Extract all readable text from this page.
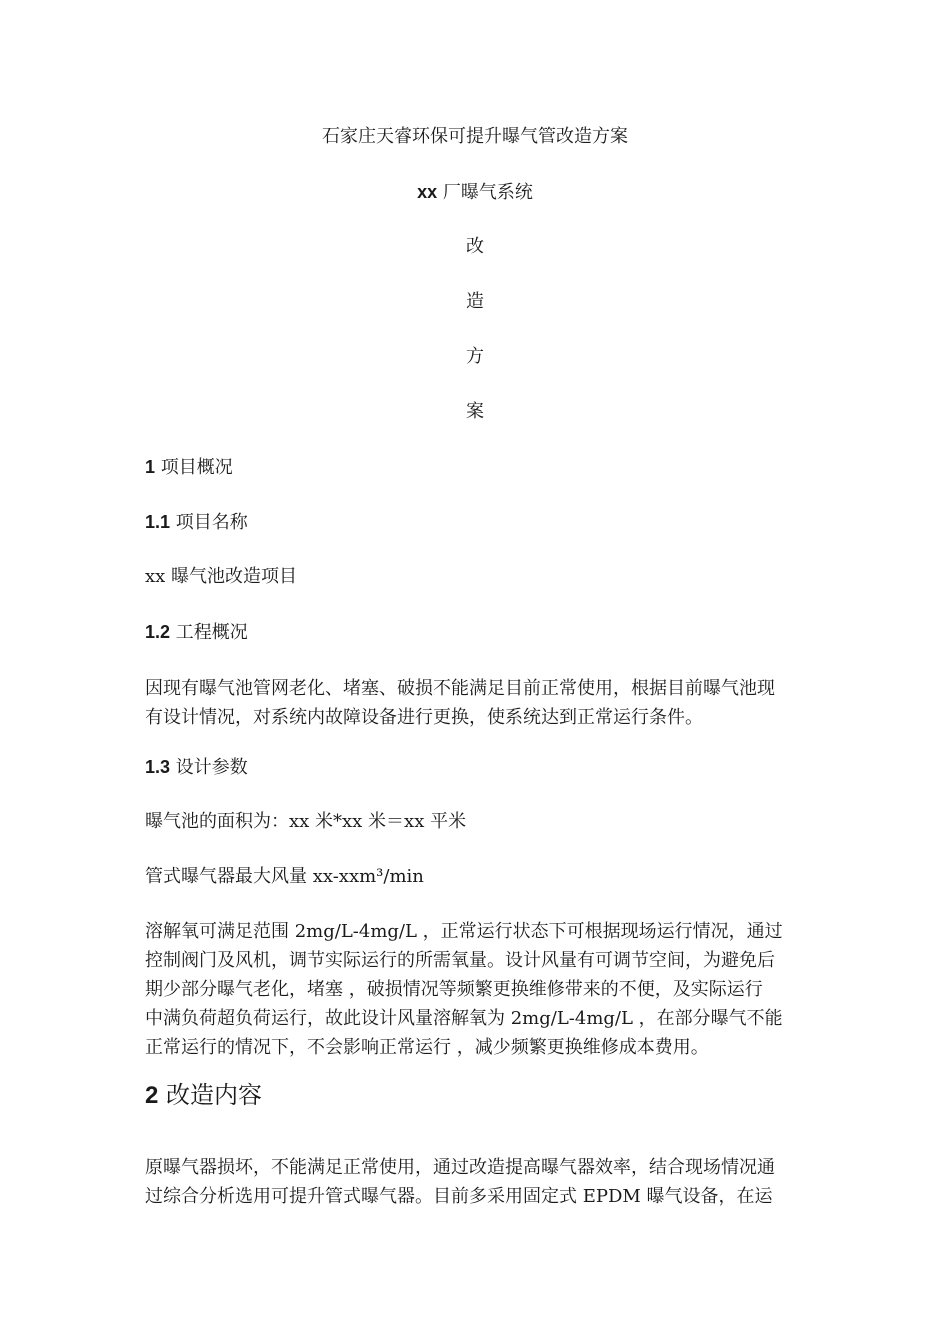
石家庄天睿环保可提升曝气管改造方案
xx 厂曝气系统
改
造
方
案
1 项目概况
1.1 项目名称
xx 曝气池改造项目
1.2 工程概况
因现有曝气池管网老化、堵塞、破损不能满足目前正常使用，根据目前曝气池现
有设计情况，对系统内故障设备进行更换，使系统达到正常运行条件。
1.3 设计参数
曝气池的面积为：xx 米*xx 米＝xx 平米
管式曝气器最大风量 xx-xxm³/min
溶解氧可满足范围 2mg/L-4mg/L ，正常运行状态下可根据现场运行情况，通过
控制阀门及风机，调节实际运行的所需氧量。设计风量有可调节空间，为避免后
期少部分曝气老化，堵塞 ，破损情况等频繁更换维修带来的不便，及实际运行
中满负荷超负荷运行，故此设计风量溶解氧为 2mg/L-4mg/L ，在部分曝气不能
正常运行的情况下，不会影响正常运行 ，减少频繁更换维修成本费用。
2 改造内容
原曝气器损坏，不能满足正常使用，通过改造提高曝气器效率，结合现场情况通
过综合分析选用可提升管式曝气器。目前多采用固定式 EPDM 曝气设备，在运
